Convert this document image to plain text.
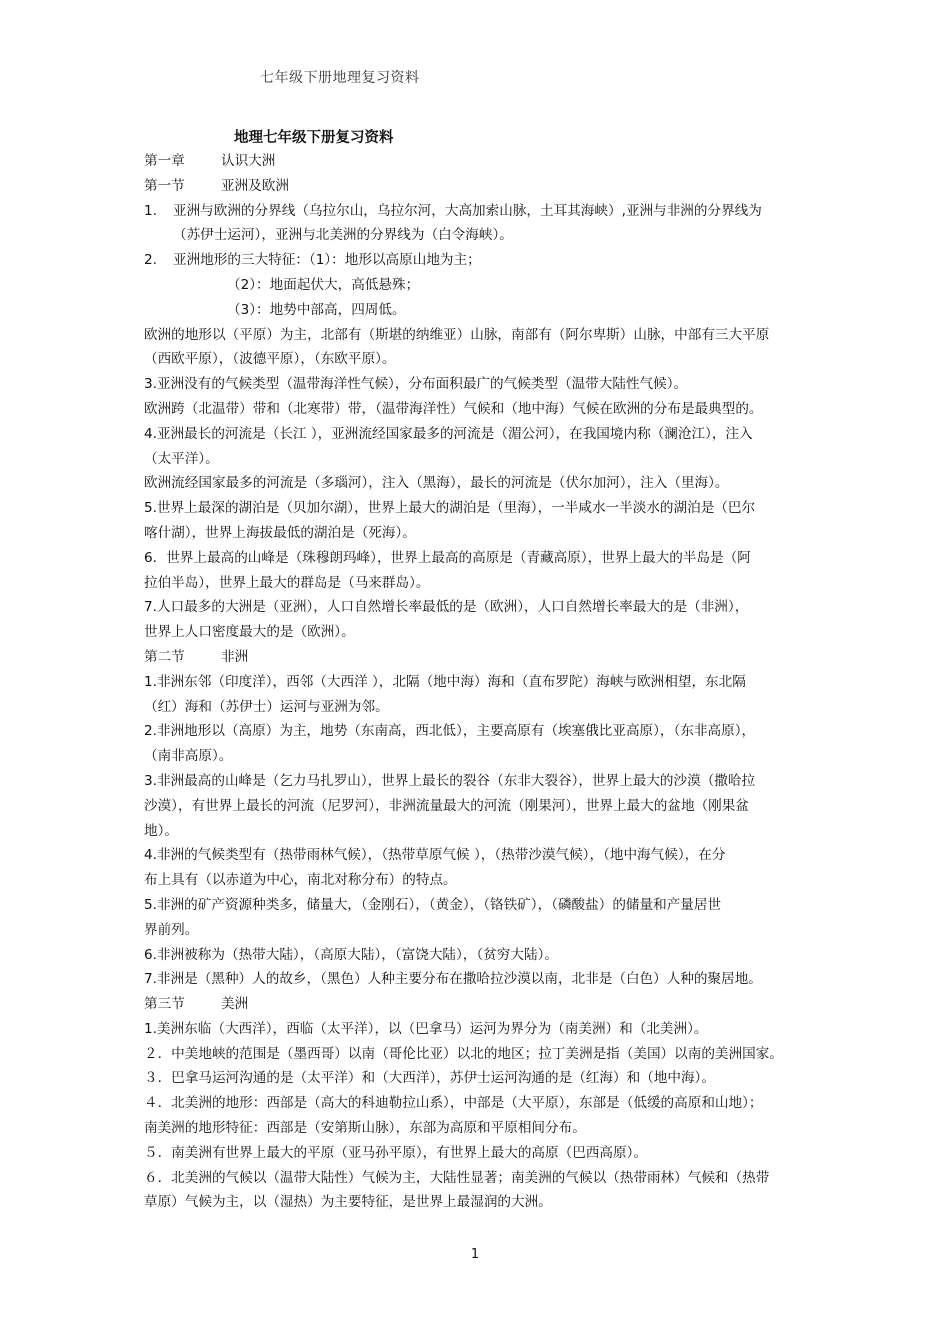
七年级下册地理复习资料
地理七年级下册复习资料

第一章	认识大洲

第一节	亚洲及欧洲

1. 亚洲与欧洲的分界线（乌拉尔山，乌拉尔河，大高加索山脉，土耳其海峡）,亚洲与非洲的分界线为

（苏伊士运河），亚洲与北美洲的分界线为（白令海峡）。

2. 亚洲地形的三大特征：（1）：地形以高原山地为主；

（2）：地面起伏大，高低悬殊；

（3）：地势中部高，四周低。

欧洲的地形以（平原）为主，北部有（斯堪的纳维亚）山脉，南部有（阿尔卑斯）山脉，中部有三大平原

（西欧平原），（波德平原），（东欧平原）。

3.亚洲没有的气候类型（温带海洋性气候），分布面积最广的气候类型（温带大陆性气候）。

欧洲跨（北温带）带和（北寒带）带，（温带海洋性）气候和（地中海）气候在欧洲的分布是最典型的。

4.亚洲最长的河流是（长江 ），亚洲流经国家最多的河流是（湄公河），在我国境内称（澜沧江），注入

（太平洋）。

欧洲流经国家最多的河流是（多瑙河），注入（黑海），最长的河流是（伏尔加河），注入（里海）。

5.世界上最深的湖泊是（贝加尔湖），世界上最大的湖泊是（里海），一半咸水一半淡水的湖泊是（巴尔

喀什湖），世界上海拔最低的湖泊是（死海）。

6．世界上最高的山峰是（珠穆朗玛峰），世界上最高的高原是（青藏高原），世界上最大的半岛是（阿

拉伯半岛），世界上最大的群岛是（马来群岛）。

7.人口最多的大洲是（亚洲），人口自然增长率最低的是（欧洲），人口自然增长率最大的是（非洲），

世界上人口密度最大的是（欧洲）。

第二节	非洲

1.非洲东邻（印度洋），西邻（大西洋 ），北隔（地中海）海和（直布罗陀）海峡与欧洲相望，东北隔

（红）海和（苏伊士）运河与亚洲为邻。

2.非洲地形以（高原）为主，地势（东南高，西北低），主要高原有（埃塞俄比亚高原），（东非高原），

（南非高原）。

3.非洲最高的山峰是（乞力马扎罗山），世界上最长的裂谷（东非大裂谷），世界上最大的沙漠（撒哈拉

沙漠），有世界上最长的河流（尼罗河），非洲流量最大的河流（刚果河），世界上最大的盆地（刚果盆

地）。

4.非洲的气候类型有（热带雨林气候），（热带草原气候 ），（热带沙漠气候），（地中海气候），在分

布上具有（以赤道为中心，南北对称分布）的特点。

5.非洲的矿产资源种类多，储量大，（金刚石），（黄金），（铬铁矿），（磷酸盐）的储量和产量居世

界前列。

6.非洲被称为（热带大陆），（高原大陆），（富饶大陆），（贫穷大陆）。

7.非洲是（黑种）人的故乡，（黑色）人种主要分布在撒哈拉沙漠以南，北非是（白色）人种的聚居地。

第三节	美洲

1.美洲东临（大西洋），西临（太平洋），以（巴拿马）运河为界分为（南美洲）和（北美洲）。

２．中美地峡的范围是（墨西哥）以南（哥伦比亚）以北的地区；拉丁美洲是指（美国）以南的美洲国家。

３．巴拿马运河沟通的是（太平洋）和（大西洋），苏伊士运河沟通的是（红海）和（地中海）。

４．北美洲的地形：西部是（高大的科迪勒拉山系），中部是（大平原），东部是（低缓的高原和山地）；

南美洲的地形特征：西部是（安第斯山脉），东部为高原和平原相间分布。

５．南美洲有世界上最大的平原（亚马孙平原），有世界上最大的高原（巴西高原）。

６．北美洲的气候以（温带大陆性）气候为主，大陆性显著；南美洲的气候以（热带雨林）气候和（热带

草原）气候为主，以（湿热）为主要特征，是世界上最湿润的大洲。

1
